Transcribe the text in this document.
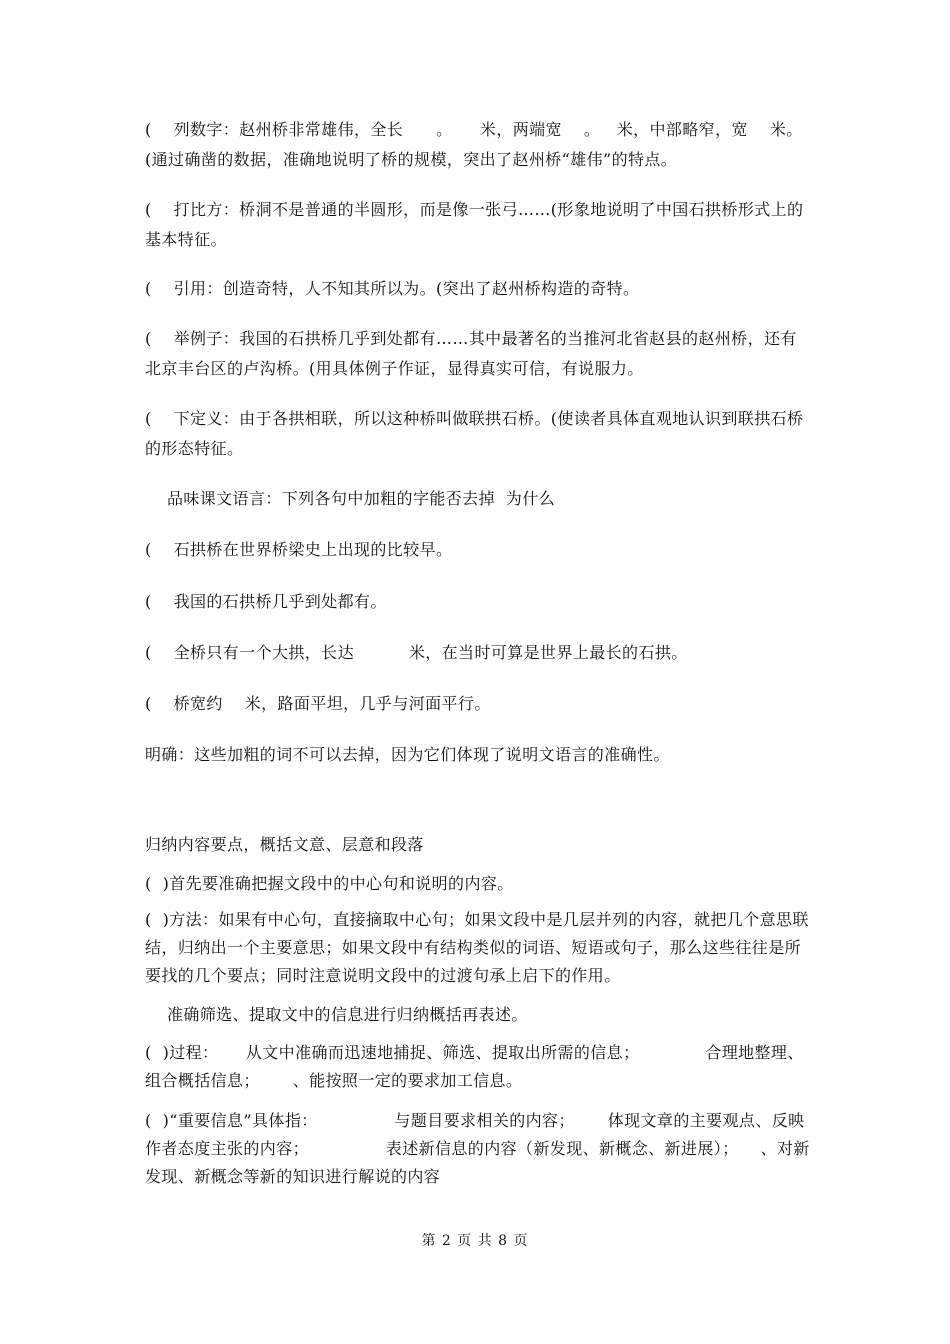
(    列数字：赵州桥非常雄伟，全长      。     米，两端宽    。   米，中部略窄，宽    米。(通过确凿的数据，准确地说明了桥的规模，突出了赵州桥“雄伟”的特点。

(    打比方：桥洞不是普通的半圆形，而是像一张弓……(形象地说明了中国石拱桥形式上的基本特征。

(    引用：创造奇特，人不知其所以为。(突出了赵州桥构造的奇特。

(    举例子：我国的石拱桥几乎到处都有……其中最著名的当推河北省赵县的赵州桥，还有北京丰台区的卢沟桥。(用具体例子作证，显得真实可信，有说服力。

(    下定义：由于各拱相联，所以这种桥叫做联拱石桥。(使读者具体直观地认识到联拱石桥的形态特征。

品味课文语言：下列各句中加粗的字能否去掉  为什么

(    石拱桥在世界桥梁史上出现的比较早。

(    我国的石拱桥几乎到处都有。

(    全桥只有一个大拱，长达          米，在当时可算是世界上最长的石拱。

(    桥宽约    米，路面平坦，几乎与河面平行。

明确：这些加粗的词不可以去掉，因为它们体现了说明文语言的准确性。

归纳内容要点，概括文意、层意和段落

(  )首先要准确把握文段中的中心句和说明的内容。

(  )方法：如果有中心句，直接摘取中心句；如果文段中是几层并列的内容，就把几个意思联结，归纳出一个主要意思；如果文段中有结构类似的词语、短语或句子，那么这些往往是所要找的几个要点；同时注意说明文段中的过渡句承上启下的作用。

准确筛选、提取文中的信息进行归纳概括再表述。

(  )过程：     从文中准确而迅速地捕捉、筛选、提取出所需的信息；            合理地整理、组合概括信息；      、能按照一定的要求加工信息。

(  )“重要信息”具体指：              与题目要求相关的内容；      体现文章的主要观点、反映作者态度主张的内容；              表述新信息的内容（新发现、新概念、新进展）；    、对新发现、新概念等新的知识进行解说的内容

第 2 页 共 8 页
